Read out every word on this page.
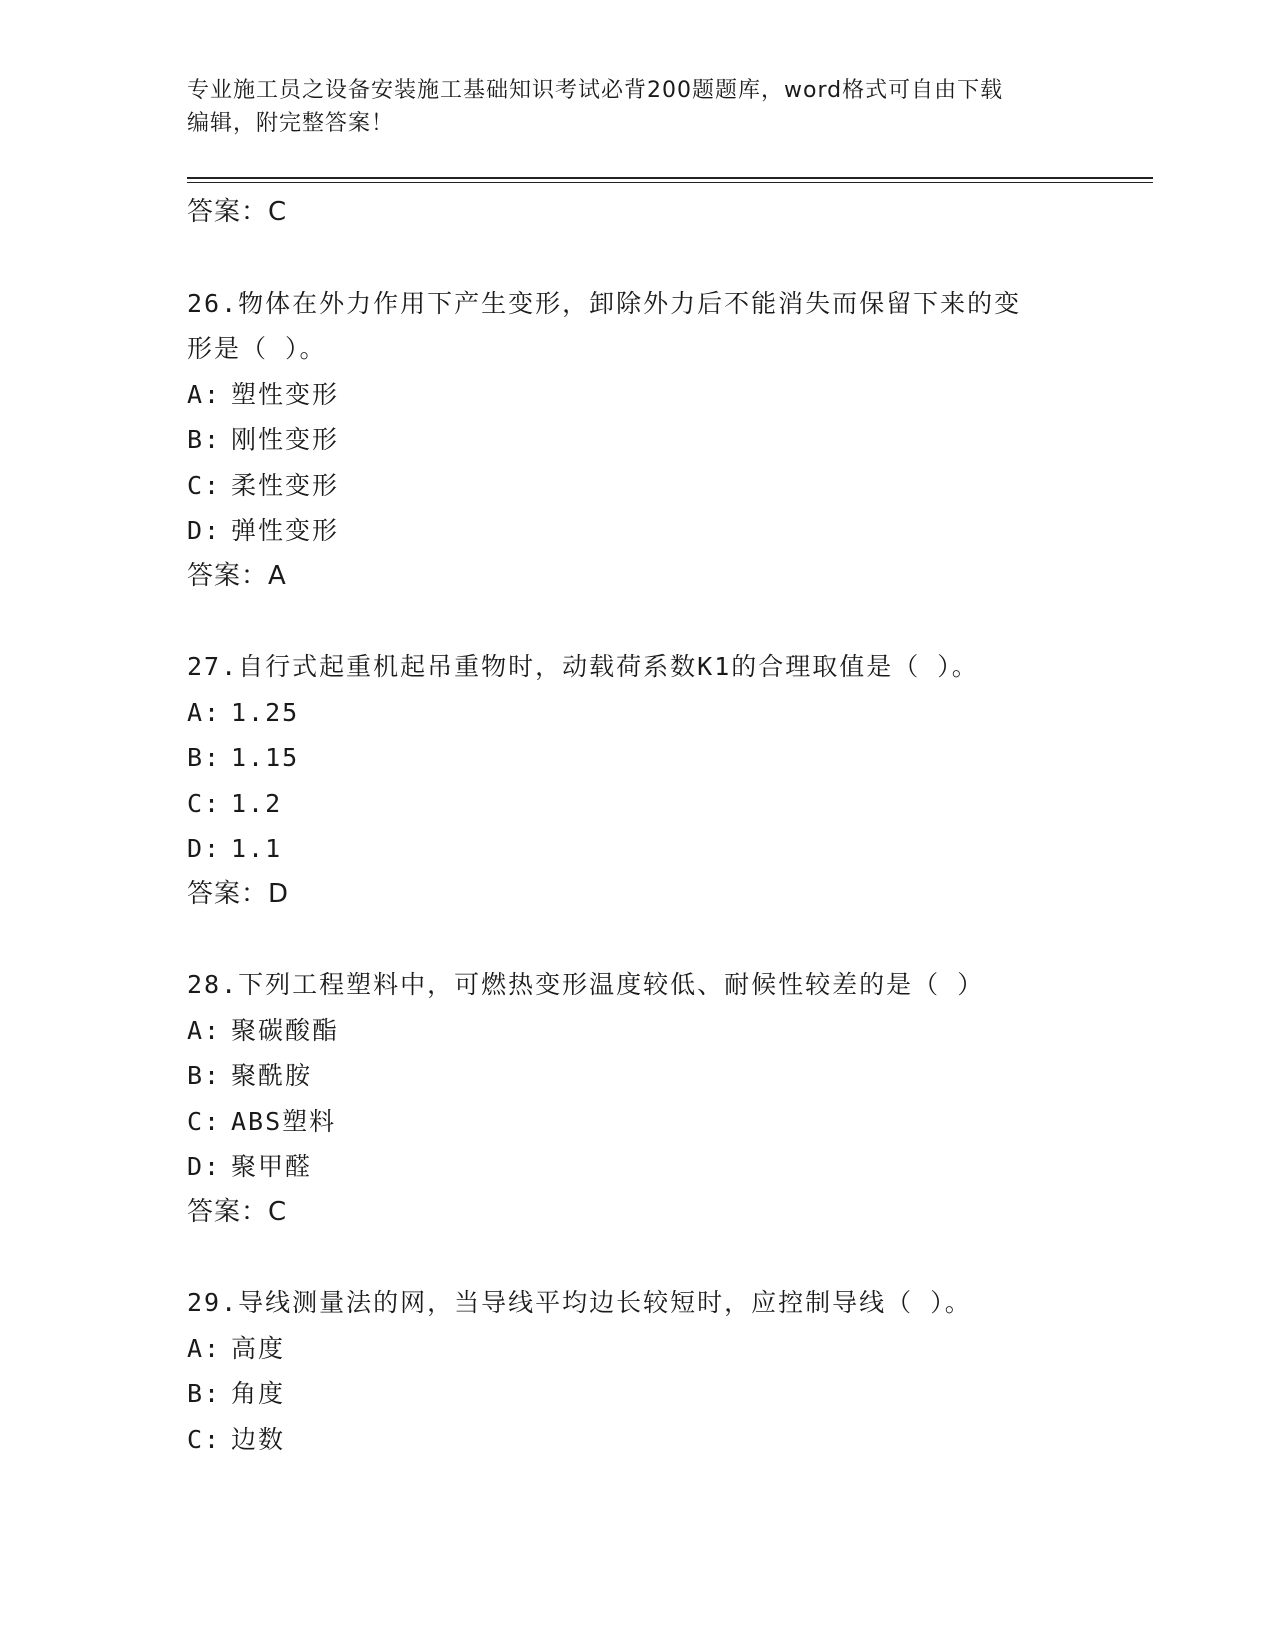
专业施工员之设备安装施工基础知识考试必背200题题库，word格式可自由下载
编辑，附完整答案！
答案：C
26.物体在外力作用下产生变形，卸除外力后不能消失而保留下来的变
形是（ ）。
A: 塑性变形
B: 刚性变形
C: 柔性变形
D: 弹性变形
答案：A
27.自行式起重机起吊重物时，动载荷系数K1的合理取值是（ ）。
A: 1.25
B: 1.15
C: 1.2
D: 1.1
答案：D
28.下列工程塑料中，可燃热变形温度较低、耐候性较差的是（ ）
A: 聚碳酸酯
B: 聚酰胺
C: ABS塑料
D: 聚甲醛
答案：C
29.导线测量法的网，当导线平均边长较短时，应控制导线（ ）。
A: 高度
B: 角度
C: 边数
